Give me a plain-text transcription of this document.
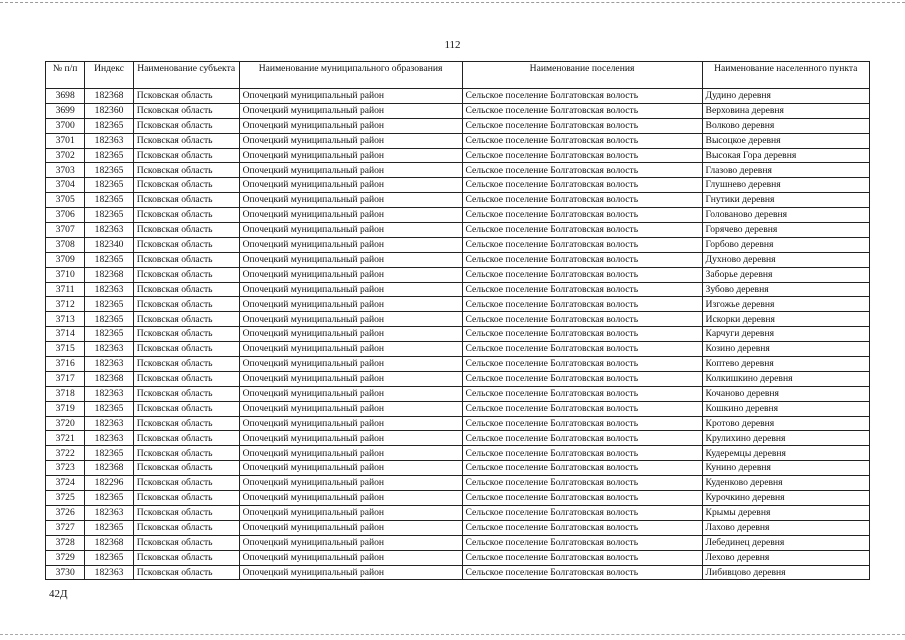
112
№ п/п	Индекс	Наименование субъекта	Наименование муниципального образования	Наименование поселения	Наименование населенного пункта
3698	182368	Псковская область	Опочецкий муниципальный район	Сельское поселение Болгатовская волость	Дудино деревня
3699	182360	Псковская область	Опочецкий муниципальный район	Сельское поселение Болгатовская волость	Верховина деревня
3700	182365	Псковская область	Опочецкий муниципальный район	Сельское поселение Болгатовская волость	Волково деревня
3701	182363	Псковская область	Опочецкий муниципальный район	Сельское поселение Болгатовская волость	Высоцкое деревня
3702	182365	Псковская область	Опочецкий муниципальный район	Сельское поселение Болгатовская волость	Высокая Гора деревня
3703	182365	Псковская область	Опочецкий муниципальный район	Сельское поселение Болгатовская волость	Глазово деревня
3704	182365	Псковская область	Опочецкий муниципальный район	Сельское поселение Болгатовская волость	Глушнево деревня
3705	182365	Псковская область	Опочецкий муниципальный район	Сельское поселение Болгатовская волость	Гнутики деревня
3706	182365	Псковская область	Опочецкий муниципальный район	Сельское поселение Болгатовская волость	Голованово деревня
3707	182363	Псковская область	Опочецкий муниципальный район	Сельское поселение Болгатовская волость	Горячево деревня
3708	182340	Псковская область	Опочецкий муниципальный район	Сельское поселение Болгатовская волость	Горбово деревня
3709	182365	Псковская область	Опочецкий муниципальный район	Сельское поселение Болгатовская волость	Духново деревня
3710	182368	Псковская область	Опочецкий муниципальный район	Сельское поселение Болгатовская волость	Заборье деревня
3711	182363	Псковская область	Опочецкий муниципальный район	Сельское поселение Болгатовская волость	Зубово деревня
3712	182365	Псковская область	Опочецкий муниципальный район	Сельское поселение Болгатовская волость	Изгожье деревня
3713	182365	Псковская область	Опочецкий муниципальный район	Сельское поселение Болгатовская волость	Искорки деревня
3714	182365	Псковская область	Опочецкий муниципальный район	Сельское поселение Болгатовская волость	Карчуги деревня
3715	182363	Псковская область	Опочецкий муниципальный район	Сельское поселение Болгатовская волость	Козино деревня
3716	182363	Псковская область	Опочецкий муниципальный район	Сельское поселение Болгатовская волость	Коптево деревня
3717	182368	Псковская область	Опочецкий муниципальный район	Сельское поселение Болгатовская волость	Колкишкино деревня
3718	182363	Псковская область	Опочецкий муниципальный район	Сельское поселение Болгатовская волость	Кочаново деревня
3719	182365	Псковская область	Опочецкий муниципальный район	Сельское поселение Болгатовская волость	Кошкино деревня
3720	182363	Псковская область	Опочецкий муниципальный район	Сельское поселение Болгатовская волость	Кротово деревня
3721	182363	Псковская область	Опочецкий муниципальный район	Сельское поселение Болгатовская волость	Крулихино деревня
3722	182365	Псковская область	Опочецкий муниципальный район	Сельское поселение Болгатовская волость	Кудеремцы деревня
3723	182368	Псковская область	Опочецкий муниципальный район	Сельское поселение Болгатовская волость	Кунино деревня
3724	182296	Псковская область	Опочецкий муниципальный район	Сельское поселение Болгатовская волость	Куденково деревня
3725	182365	Псковская область	Опочецкий муниципальный район	Сельское поселение Болгатовская волость	Курочкино деревня
3726	182363	Псковская область	Опочецкий муниципальный район	Сельское поселение Болгатовская волость	Крымы деревня
3727	182365	Псковская область	Опочецкий муниципальный район	Сельское поселение Болгатовская волость	Лахово деревня
3728	182368	Псковская область	Опочецкий муниципальный район	Сельское поселение Болгатовская волость	Лебединец деревня
3729	182365	Псковская область	Опочецкий муниципальный район	Сельское поселение Болгатовская волость	Лехово деревня
3730	182363	Псковская область	Опочецкий муниципальный район	Сельское поселение Болгатовская волость	Либивцово деревня
42Д
